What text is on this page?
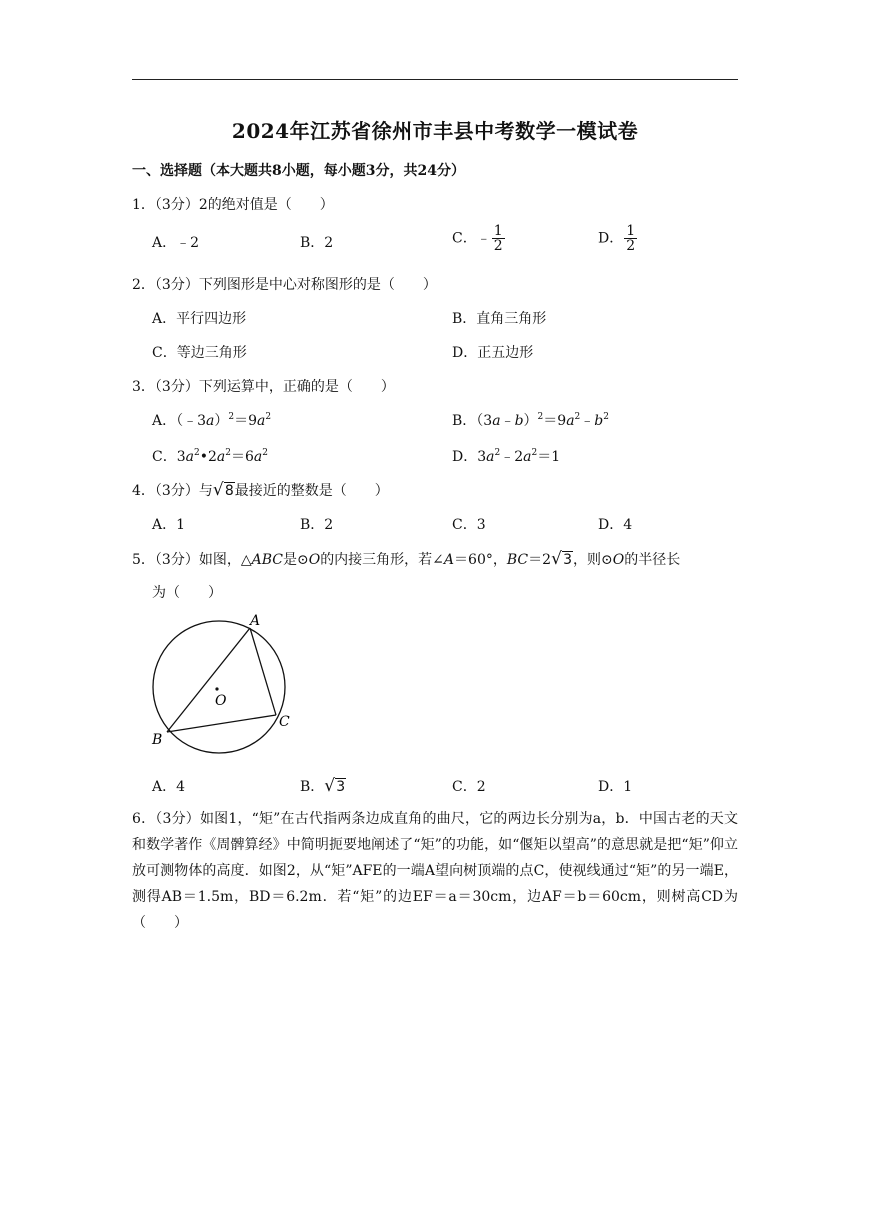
2024年江苏省徐州市丰县中考数学一模试卷
一、选择题（本大题共8小题，每小题3分，共24分）
1．（3分）2的绝对值是（　　）
A．﹣2	B．2	C．﹣ $\frac{1}{2}$	D． $\frac{1}{2}$
2．（3分）下列图形是中心对称图形的是（　　）
A．平行四边形	B．直角三角形
C．等边三角形	D．正五边形
3．（3分）下列运算中，正确的是（　　）
A．$(﹣3a)^2=9a^2$	B．$(3a﹣b)^2=9a^2﹣b^2$
C．$3a^2•2a^2=6a^2$	D．$3a^2﹣2a^2=1$
4．（3分）与 √ 8最接近的整数是（　　）
A．1	B．2	C．3	D．4
5．（3分）如图，△ABC是⊙O的内接三角形，若∠A＝60°，BC＝2 √ 3，则⊙O的半径长
为（　　）
A
B
C
O
A．4	B． √ 3	C．2	D．1
6．（3分）如图1，“矩”在古代指两条边成直角的曲尺，它的两边长分别为a，b．中国古老的天文和数学著作《周髀算经》中简明扼要地阐述了“矩”的功能，如“偃矩以望高”的意思就是把“矩”仰立放可测物体的高度．如图2，从“矩”AFE的一端A望向树顶端的点C，使视线通过“矩”的另一端E，测得AB＝1.5m，BD＝6.2m．若“矩”的边EF＝a＝30cm，边AF＝b＝60cm，则树高CD为（　　）
